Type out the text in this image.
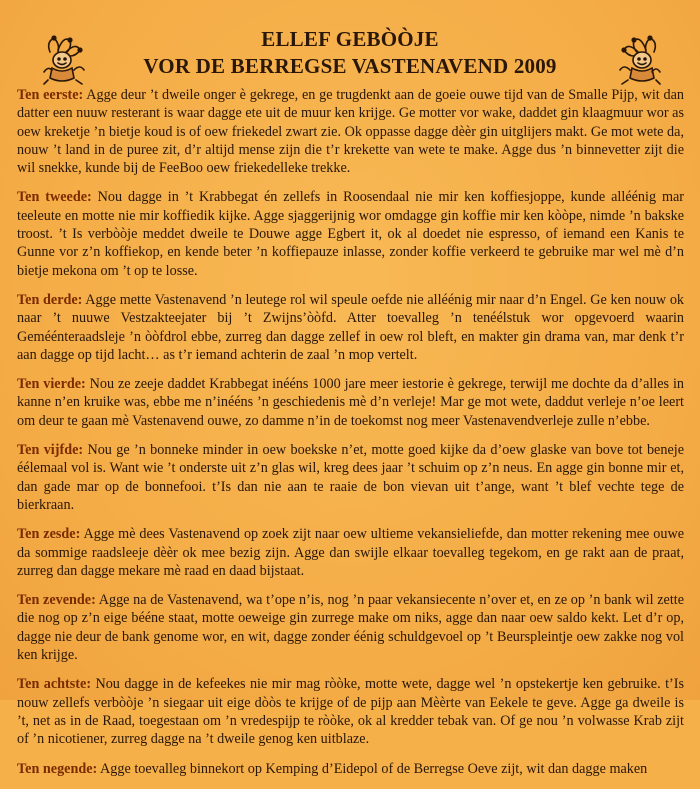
ELLEF GEBÒÒJE
VOR DE BERREGSE VASTENAVEND 2009

Ten eerste: Agge deur ’t dweile onger è gekrege, en ge trugdenkt aan de goeie ouwe tijd van de Smalle Pijp, wit dan datter een nuuw resterant is waar dagge ete uit de muur ken krijge. Ge motter vor wake, daddet gin klaagmuur wor as oew kreketje ’n bietje koud is of oew friekedel zwart zie. Ok oppasse dagge dèèr gin uitglijers makt. Ge mot wete da, nouw ’t land in de puree zit, d’r altijd mense zijn die t’r krekette van wete te make. Agge dus ’n binnevetter zijt die wil snekke, kunde bij de FeeBoo oew friekedelleke trekke.

Ten tweede: Nou dagge in ’t Krabbegat én zellefs in Roosendaal nie mir ken koffiesjoppe, kunde alléénig mar teeleute en motte nie mir koffiedik kijke. Agge sjaggerijnig wor omdagge gin koffie mir ken kòòpe, nimde ’n bakske troost. ’t Is verbòòje meddet dweile te Douwe agge Egbert it, ok al doedet nie espresso, of iemand een Kanis te Gunne vor z’n koffiekop, en kende beter ’n koffiepauze inlasse, zonder koffie verkeerd te gebruike mar wel mè d’n bietje mekona om ’t op te losse.

Ten derde: Agge mette Vastenavend ’n leutege rol wil speule oefde nie alléénig mir naar d’n Engel. Ge ken nouw ok naar ’t nuuwe Vestzakteejater bij ’t Zwijns’òòfd. Atter toevalleg ’n tenéélstuk wor opgevoerd waarin Geméénteraadsleje ’n òòfdrol ebbe, zurreg dan dagge zellef in oew rol bleft, en makter gin drama van, mar denk t’r aan dagge op tijd lacht… as t’r iemand achterin de zaal ’n mop vertelt.

Ten vierde: Nou ze zeeje daddet Krabbegat inééns 1000 jare meer iestorie è gekrege, terwijl me dochte da d’alles in kanne n’en kruike was, ebbe me n’inééns ’n geschiedenis mè d’n verleje! Mar ge mot wete, daddut verleje n’oe leert om deur te gaan mè Vastenavend ouwe, zo damme n’in de toekomst nog meer Vastenavendverleje zulle n’ebbe.

Ten vijfde: Nou ge ’n bonneke minder in oew boekske n’et, motte goed kijke da d’oew glaske van bove tot beneje éélemaal vol is. Want wie ’t onderste uit z’n glas wil, kreg dees jaar ’t schuim op z’n neus. En agge gin bonne mir et, dan gade mar op de bonnefooi. t’Is dan nie aan te raaie de bon vievan uit t’ange, want ’t blef vechte tege de bierkraan.

Ten zesde: Agge mè dees Vastenavend op zoek zijt naar oew ultieme vekansieliefde, dan motter rekening mee ouwe da sommige raadsleeje dèèr ok mee bezig zijn. Agge dan swijle elkaar toevalleg tegekom, en ge rakt aan de praat, zurreg dan dagge mekare mè raad en daad bijstaat.

Ten zevende: Agge na de Vastenavend, wa t’ope n’is, nog ’n paar vekansiecente n’over et, en ze op ’n bank wil zette die nog op z’n eige bééne staat, motte oeweige gin zurrege make om niks, agge dan naar oew saldo kekt. Let d’r op, dagge nie deur de bank genome wor, en wit, dagge zonder éénig schuldgevoel op ’t Beurspleintje oew zakke nog vol ken krijge.

Ten achtste: Nou dagge in de kefeekes nie mir mag ròòke, motte wete, dagge wel ’n opstekertje ken gebruike. t’Is nouw zellefs verbòòje ’n siegaar uit eige dòòs te krijge of de pijp aan Mèèrte van Eekele te geve. Agge ga dweile is ’t, net as in de Raad, toegestaan om ’n vredespijp te ròòke, ok al kredder tebak van. Of ge nou ’n volwasse Krab zijt of ’n nicotiener, zurreg dagge na ’t dweile genog ken uitblaze.

Ten negende: Agge toevalleg binnekort op Kemping d’Eidepol of de Berregse Oeve zijt, wit dan dagge maken
